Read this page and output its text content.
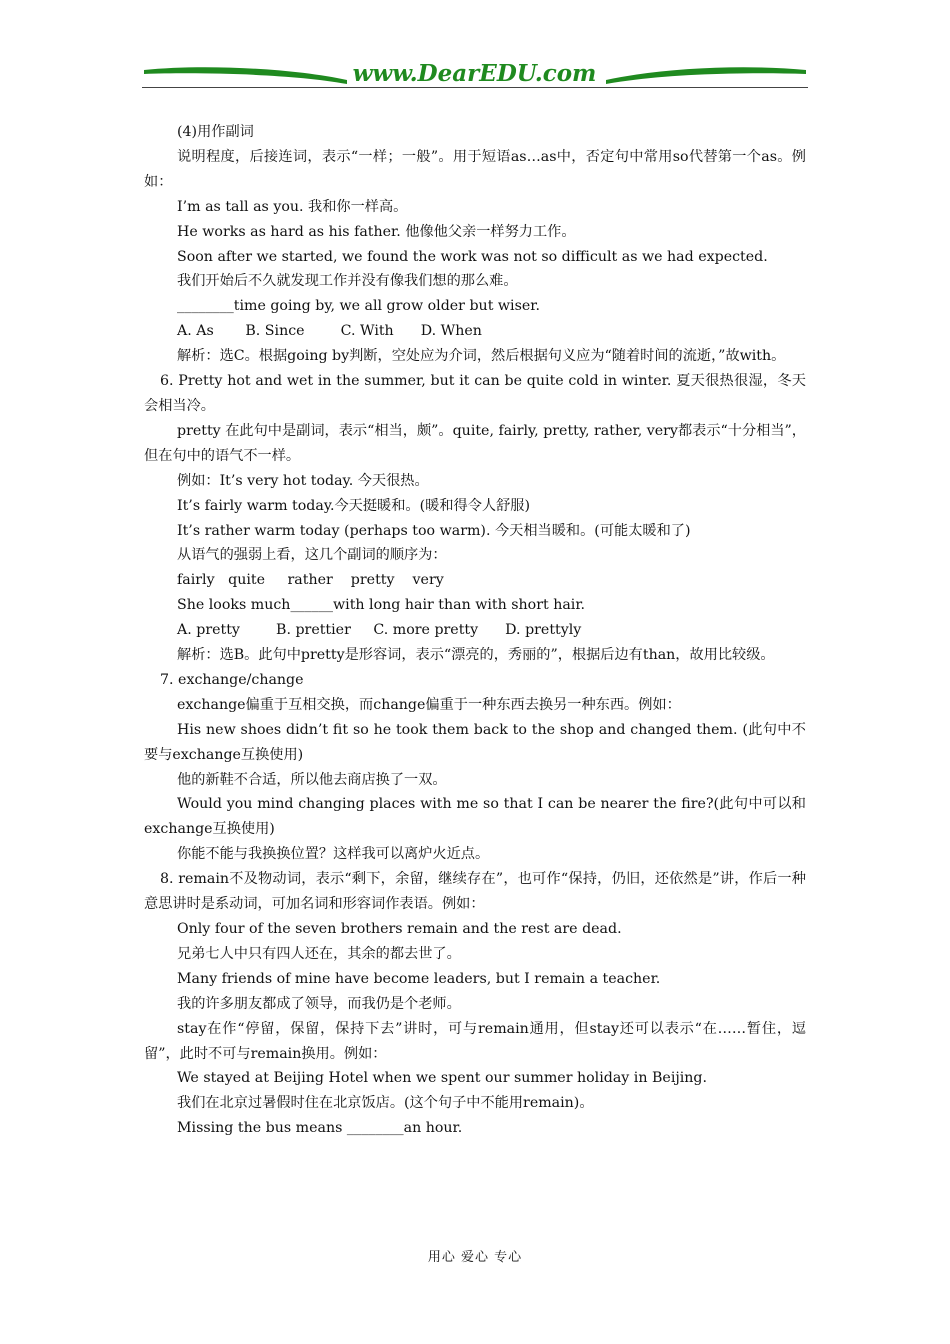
www.DearEDU.com

(4)用作副词

说明程度，后接连词，表示“一样；一般”。用于短语as…as中，否定句中常用so代替第一个as。例如：

I’m as tall as you. 我和你一样高。

He works as hard as his father. 他像他父亲一样努力工作。

Soon after we started, we found the work was not so difficult as we had expected.

我们开始后不久就发现工作并没有像我们想的那么难。

________time going by, we all grow older but wiser.

A. As       B. Since        C. With      D. When

解析：选C。根据going by判断，空处应为介词，然后根据句义应为“随着时间的流逝，”故with。

6. Pretty hot and wet in the summer, but it can be quite cold in winter. 夏天很热很湿，冬天会相当冷。

pretty 在此句中是副词，表示“相当，颇”。quite, fairly, pretty, rather, very都表示“十分相当”，但在句中的语气不一样。

例如：It’s very hot today. 今天很热。

It’s fairly warm today.今天挺暖和。(暖和得令人舒服)

It’s rather warm today (perhaps too warm). 今天相当暖和。(可能太暖和了)

从语气的强弱上看，这几个副词的顺序为：

fairly   quite     rather    pretty    very

She looks much______with long hair than with short hair.

A. pretty        B. prettier     C. more pretty      D. prettyly

解析：选B。此句中pretty是形容词，表示“漂亮的，秀丽的”，根据后边有than，故用比较级。

7. exchange/change

exchange偏重于互相交换，而change偏重于一种东西去换另一种东西。例如：

His new shoes didn’t fit so he took them back to the shop and changed them. (此句中不要与exchange互换使用)

他的新鞋不合适，所以他去商店换了一双。

Would you mind changing places with me so that I can be nearer the fire?(此句中可以和exchange互换使用)

你能不能与我换换位置？这样我可以离炉火近点。

8. remain不及物动词，表示“剩下，余留，继续存在”，也可作“保持，仍旧，还依然是”讲，作后一种意思讲时是系动词，可加名词和形容词作表语。例如：

Only four of the seven brothers remain and the rest are dead.

兄弟七人中只有四人还在，其余的都去世了。

Many friends of mine have become leaders, but I remain a teacher.

我的许多朋友都成了领导，而我仍是个老师。

stay在作“停留，保留，保持下去”讲时，可与remain通用，但stay还可以表示“在……暂住，逗留”，此时不可与remain换用。例如：

We stayed at Beijing Hotel when we spent our summer holiday in Beijing.

我们在北京过暑假时住在北京饭店。(这个句子中不能用remain)。

Missing the bus means ________an hour.

用心 爱心 专心
